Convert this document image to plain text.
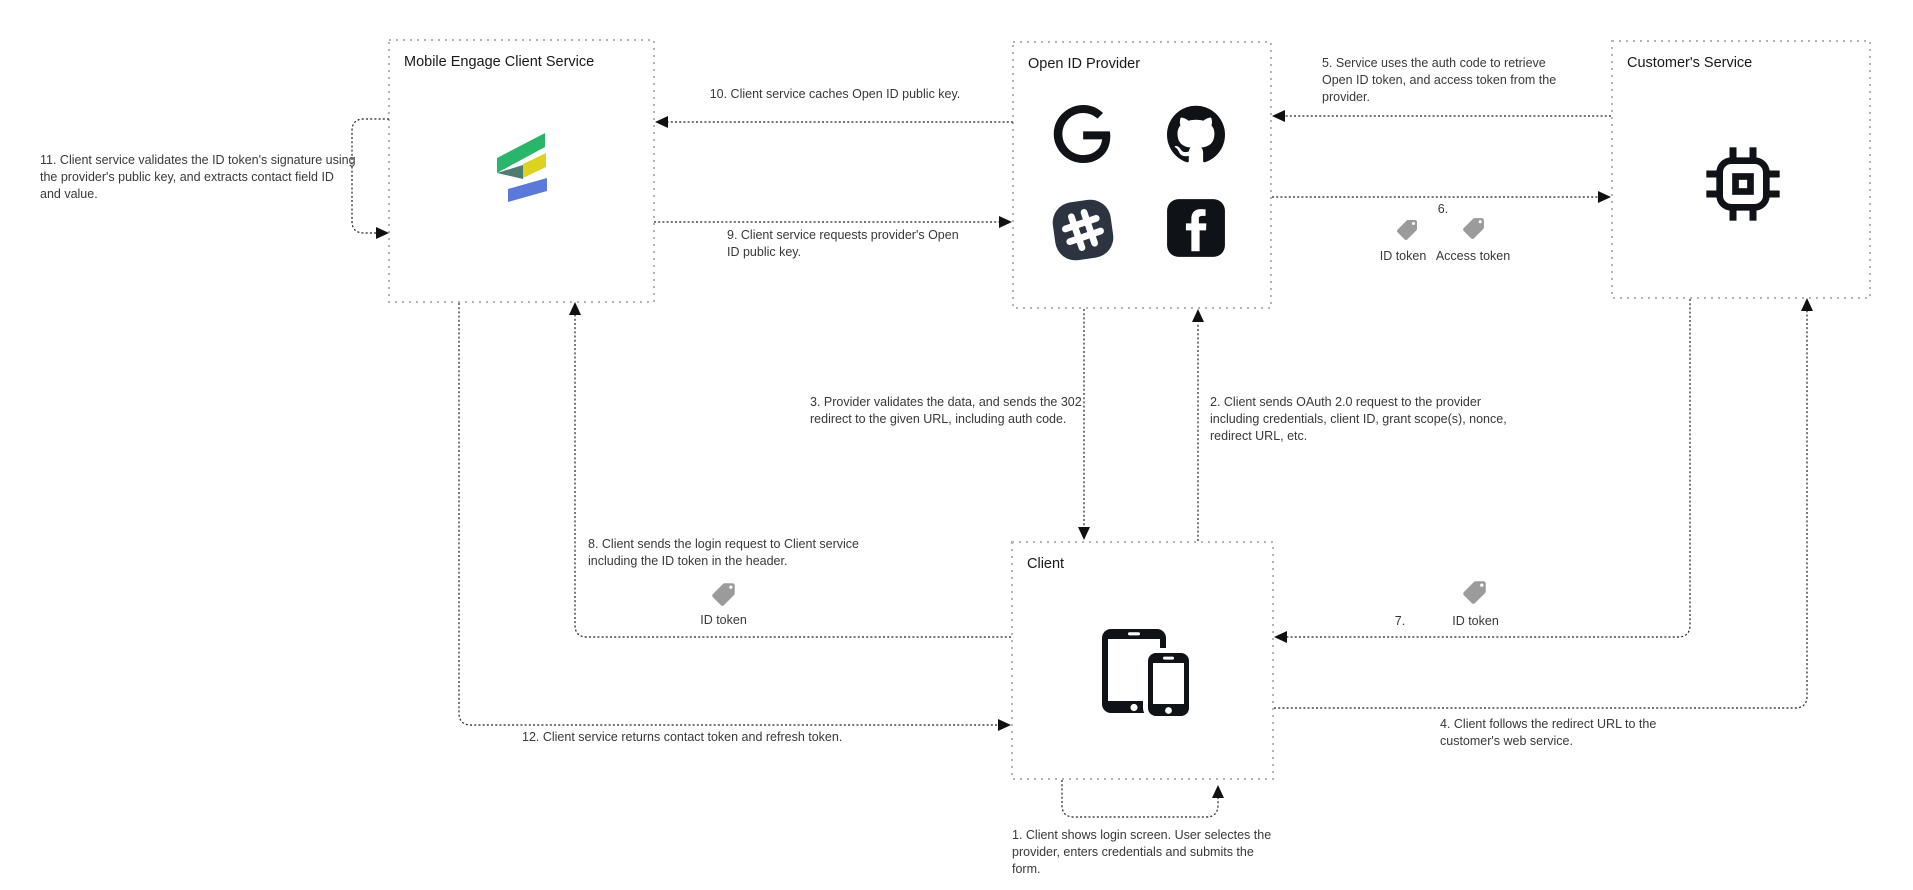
Mobile Engage Client Service	Open ID Provider	Customer's Service
Client
11. Client service validates the ID token's signature using the provider's public key, and extracts contact field ID and value.
10. Client service caches Open ID public key.
9. Client service requests provider's Open ID public key.
5. Service uses the auth code to retrieve Open ID token, and access token from the provider.
6.
3. Provider validates the data, and sends the 302 redirect to the given URL, including auth code.
2. Client sends OAuth 2.0 request to the provider including credentials, client ID, grant scope(s), nonce, redirect URL, etc.
8. Client sends the login request to Client service including the ID token in the header.
7.
4. Client follows the redirect URL to the customer's web service.
12. Client service returns contact token and refresh token.
1. Client shows login screen. User selectes the provider, enters credentials and submits the form.
ID token Access token
ID token	ID token
